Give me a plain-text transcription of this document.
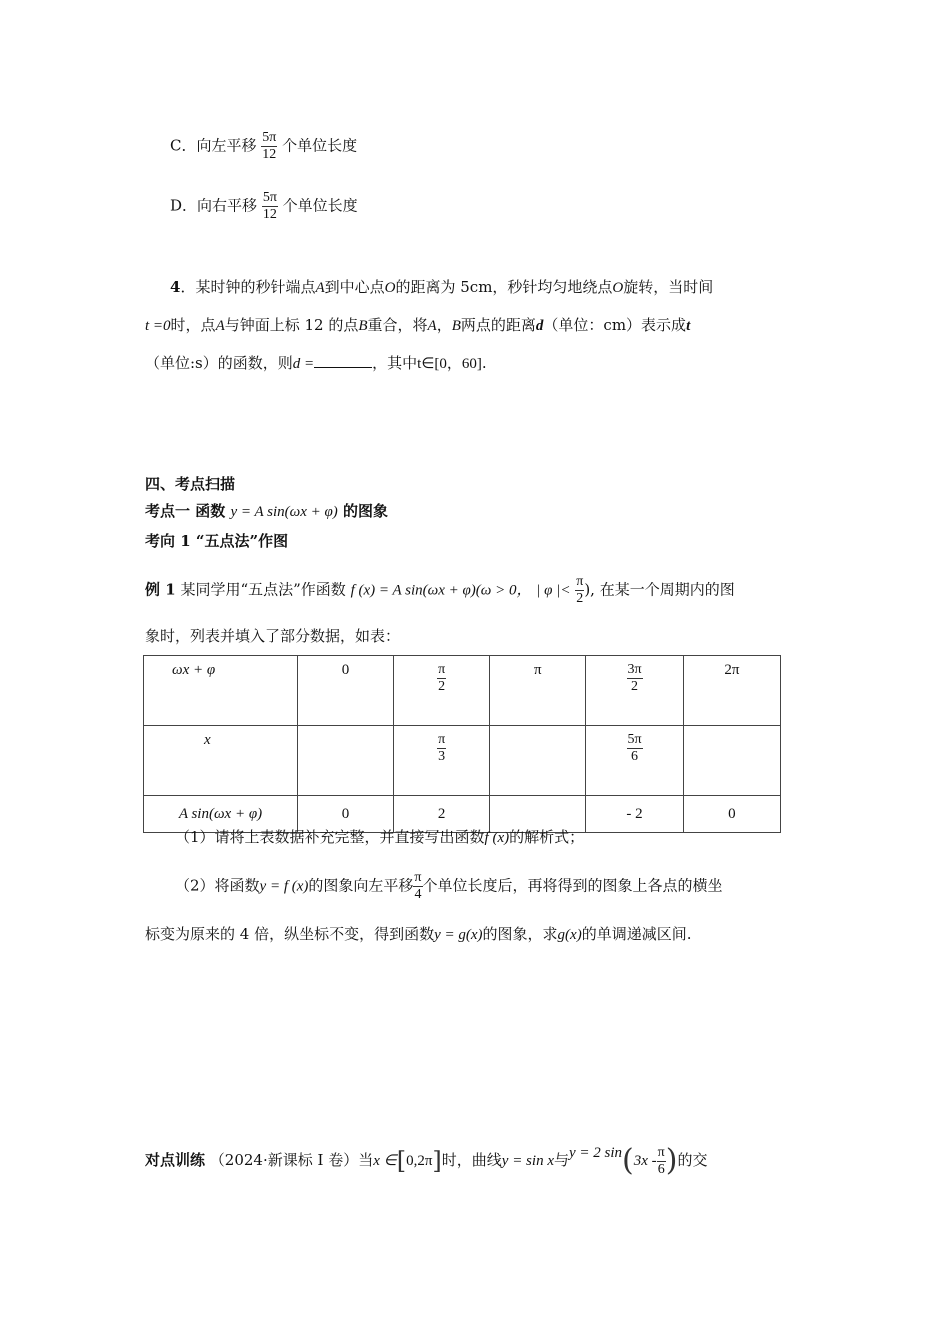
C．向左平移 $\frac{5\pi}{12}$ 个单位长度
D．向右平移 $\frac{5\pi}{12}$ 个单位长度
4．某时钟的秒针端点A到中心点O的距离为 5cm，秒针均匀地绕点O旋转，当时间
t =0时，点A与钟面上标 12 的点B重合，将A，B两点的距离d（单位：cm）表示成t
（单位:s）的函数，则d =	，其中t∈[0，60].
四、考点扫描
考点一 函数 y = A sin(ωx + φ) 的图象
考向 1 “五点法”作图
例 1 某同学用“五点法”作函数 f (x) = A sin(ωx + φ)(ω > 0， | φ |< $\frac{\pi}{2}$ ), 在某一个周期内的图
象时，列表并填入了部分数据，如表：
ωx + φ	0	$\frac{\pi}{2}$	π	$\frac{3\pi}{2}$	2π
x		$\frac{\pi}{3}$		$\frac{5\pi}{6}$

A sin(ωx + φ)	0	2		- 2	0
（1）请将上表数据补充完整，并直接写出函数f (x)的解析式；
（2）将函数y = f (x)的图象向左平移 $\frac{\pi}{4}$ 个单位长度后，再将得到的图象上各点的横坐
标变为原来的 4 倍，纵坐标不变，得到函数y = g(x)的图象，求g(x)的单调递减区间.
对点训练 （2024·新课标 I 卷）当x ∈[0,2π]时，曲线y = sin x与y = 2 $\sin(3x - \frac{\pi}{6}$ )的交
